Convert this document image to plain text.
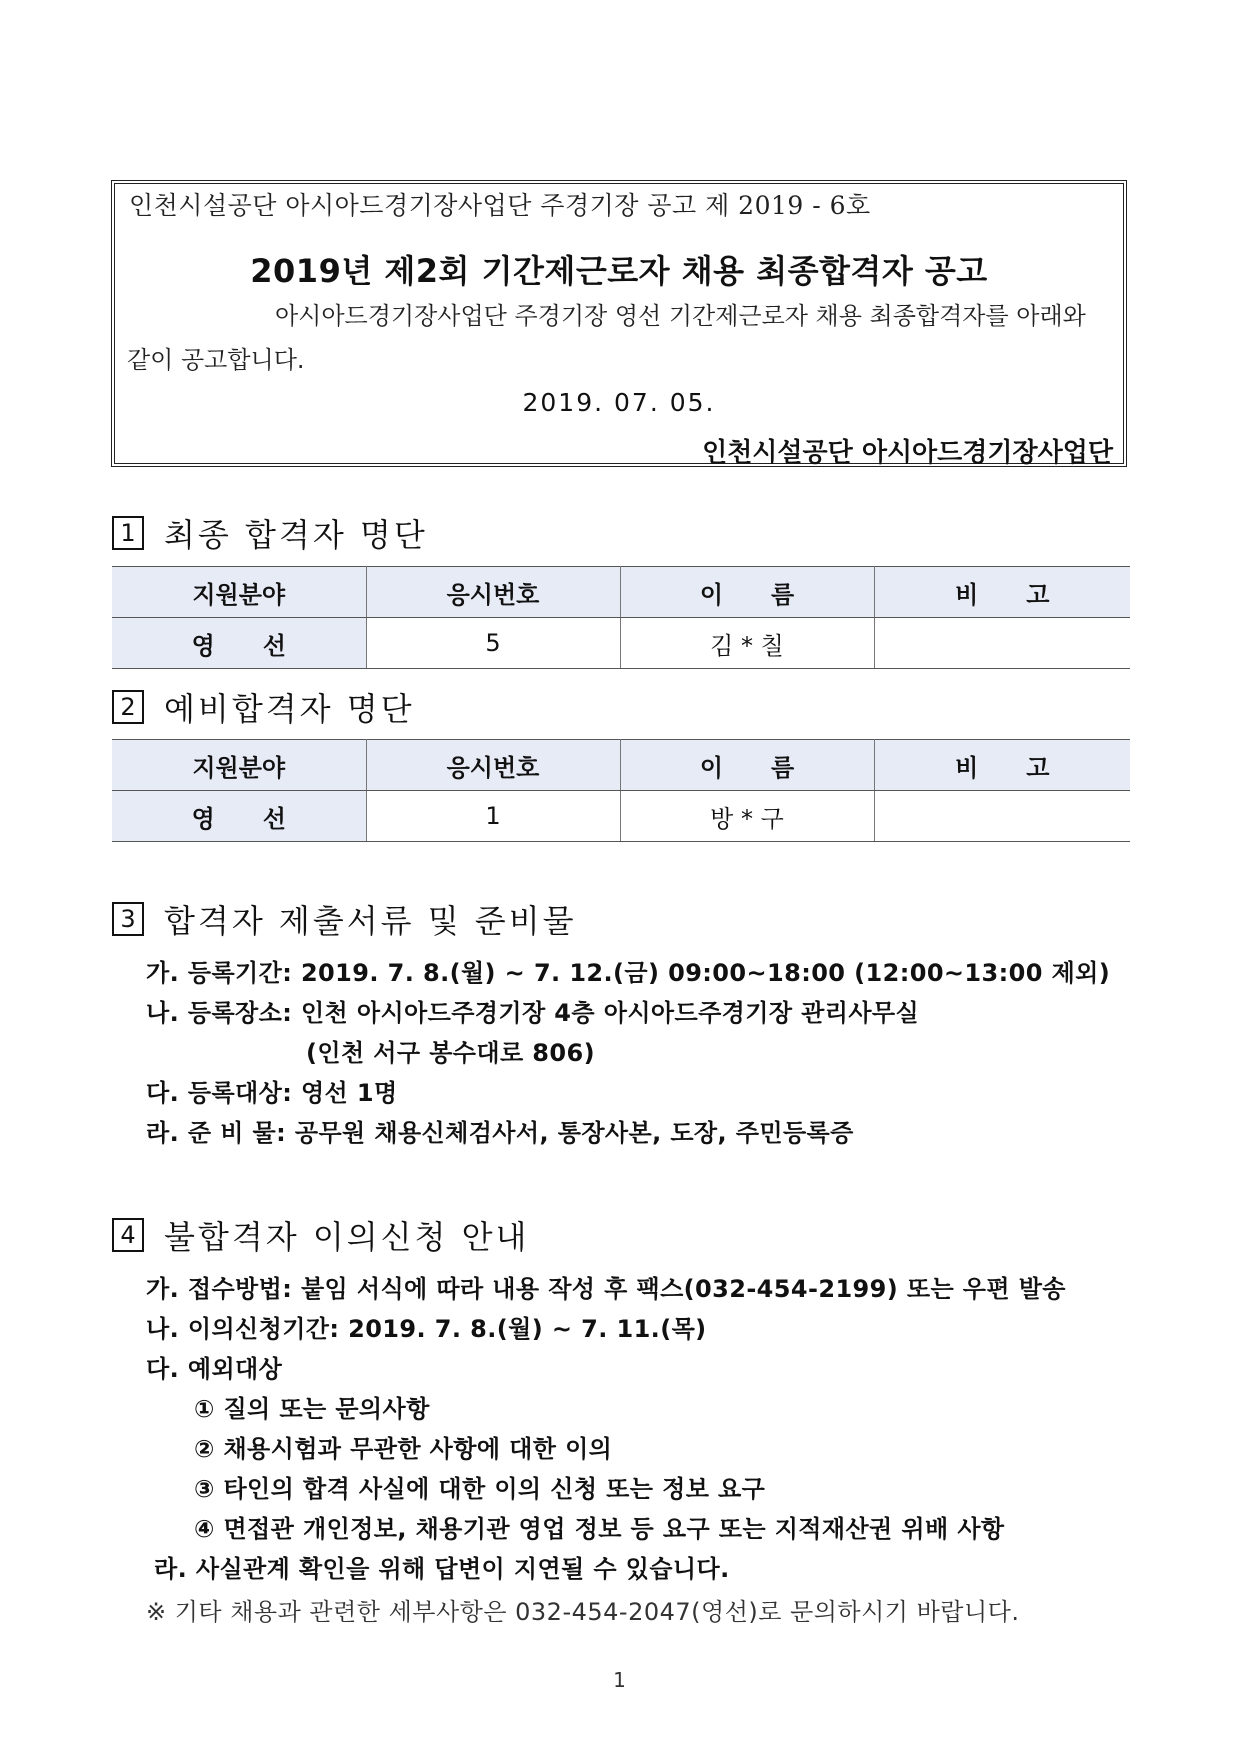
인천시설공단 아시아드경기장사업단 주경기장 공고 제 2019 - 6호
2019년 제2회 기간제근로자 채용 최종합격자 공고
아시아드경기장사업단 주경기장 영선 기간제근로자 채용 최종합격자를 아래와
같이 공고합니다.
2019. 07. 05.
인천시설공단 아시아드경기장사업단
1 최종 합격자 명단
지원분야	응시번호	이　　름	비　　고
영　　선	5	김 * 칠	
2 예비합격자 명단
지원분야	응시번호	이　　름	비　　고
영　　선	1	방 * 구	
3 합격자 제출서류 및 준비물
가. 등록기간: 2019. 7. 8.(월) ~ 7. 12.(금) 09:00~18:00 (12:00~13:00 제외)
나. 등록장소: 인천 아시아드주경기장 4층 아시아드주경기장 관리사무실
(인천 서구 봉수대로 806)
다. 등록대상: 영선 1명
라. 준 비 물: 공무원 채용신체검사서, 통장사본, 도장, 주민등록증
4 불합격자 이의신청 안내
가. 접수방법: 붙임 서식에 따라 내용 작성 후 팩스(032-454-2199) 또는 우편 발송
나. 이의신청기간: 2019. 7. 8.(월) ~ 7. 11.(목)
다. 예외대상
① 질의 또는 문의사항
② 채용시험과 무관한 사항에 대한 이의
③ 타인의 합격 사실에 대한 이의 신청 또는 정보 요구
④ 면접관 개인정보, 채용기관 영업 정보 등 요구 또는 지적재산권 위배 사항
라. 사실관계 확인을 위해 답변이 지연될 수 있습니다.
※ 기타 채용과 관련한 세부사항은 032-454-2047(영선)로 문의하시기 바랍니다.
1
